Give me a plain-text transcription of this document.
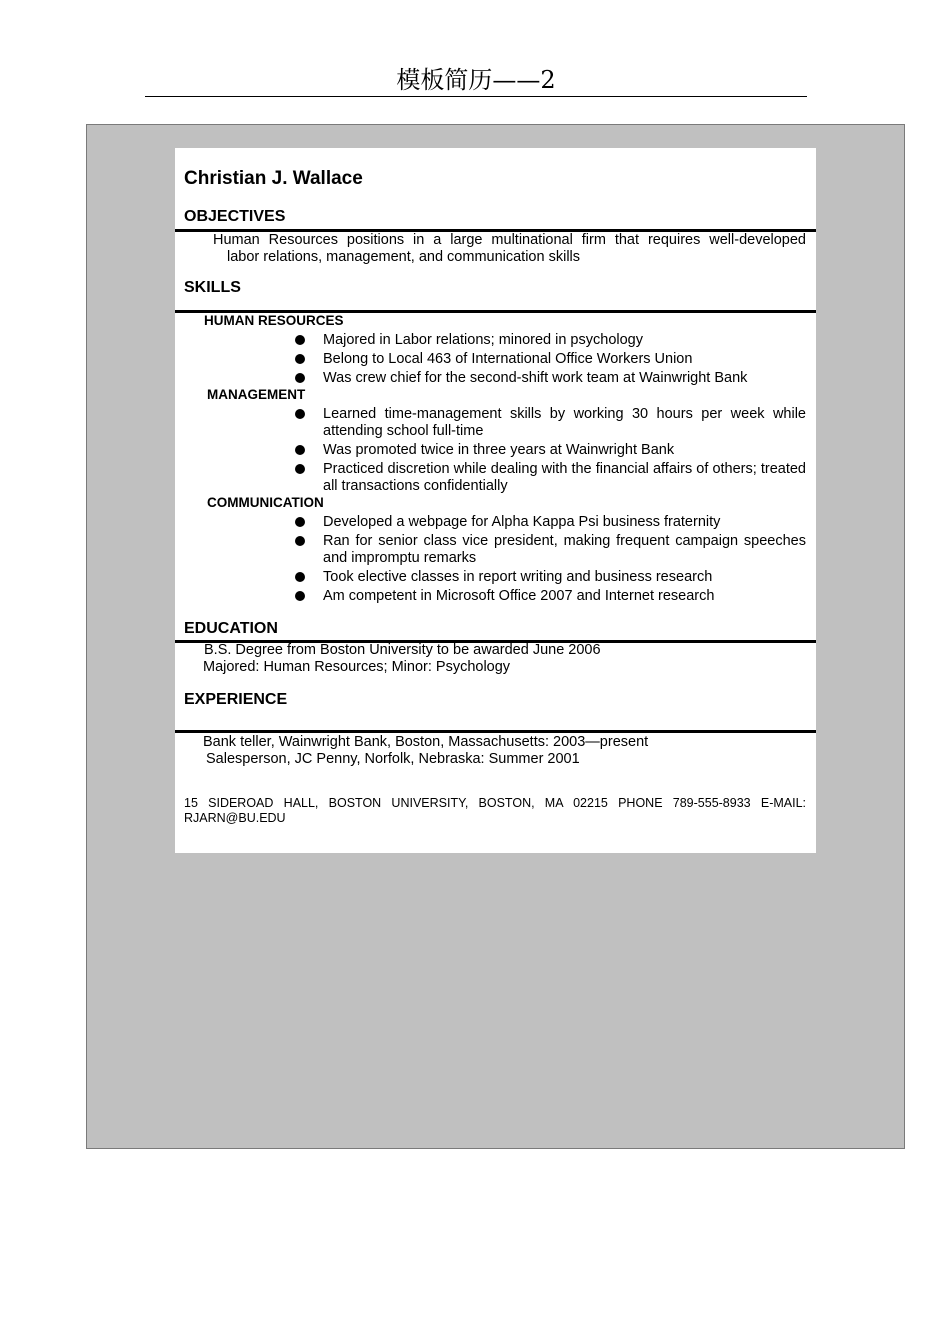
模板简历——2
Christian J. Wallace
OBJECTIVES
Human Resources positions in a large multinational firm that requires well-developed
labor relations, management, and communication skills
SKILLS
HUMAN RESOURCES
Majored in Labor relations; minored in psychology
Belong to Local 463 of International Office Workers Union
Was crew chief for the second-shift work team at Wainwright Bank
MANAGEMENT
Learned time-management skills by working 30 hours per week while attending school full-time
Was promoted twice in three years at Wainwright Bank
Practiced discretion while dealing with the financial affairs of others; treated all transactions confidentially
COMMUNICATION
Developed a webpage for Alpha Kappa Psi business fraternity
Ran for senior class vice president, making frequent campaign speeches and impromptu remarks
Took elective classes in report writing and business research
Am competent in Microsoft Office 2007 and Internet research
EDUCATION
B.S. Degree from Boston University to be awarded June 2006
Majored: Human Resources; Minor: Psychology
EXPERIENCE
Bank teller, Wainwright Bank, Boston, Massachusetts: 2003—present
Salesperson, JC Penny, Norfolk, Nebraska: Summer 2001
15 SIDEROAD HALL, BOSTON UNIVERSITY, BOSTON, MA 02215 PHONE 789-555-8933 E-MAIL: RJARN@BU.EDU
